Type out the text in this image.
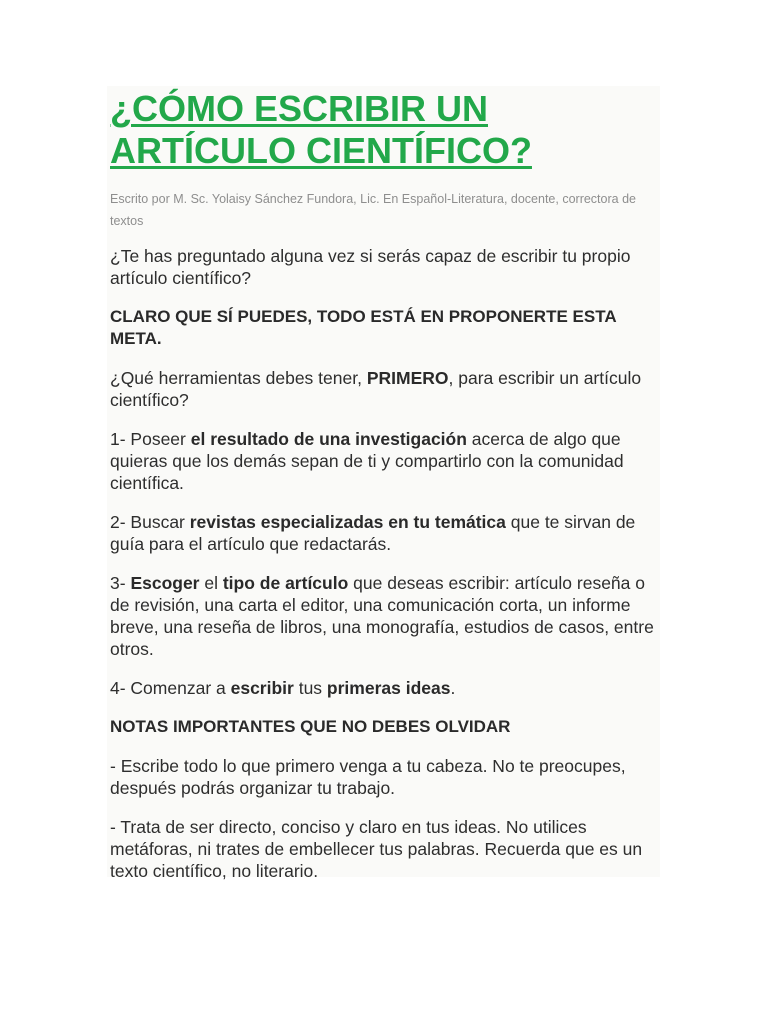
¿CÓMO ESCRIBIR UN ARTÍCULO CIENTÍFICO?

Escrito por M. Sc. Yolaisy Sánchez Fundora, Lic. En Español-Literatura, docente, correctora de textos

¿Te has preguntado alguna vez si serás capaz de escribir tu propio artículo científico?

CLARO QUE SÍ PUEDES, TODO ESTÁ EN PROPONERTE ESTA META.

¿Qué herramientas debes tener, PRIMERO, para escribir un artículo científico?

1- Poseer el resultado de una investigación acerca de algo que quieras que los demás sepan de ti y compartirlo con la comunidad científica.

2- Buscar revistas especializadas en tu temática que te sirvan de guía para el artículo que redactarás.

3- Escoger el tipo de artículo que deseas escribir: artículo reseña o de revisión, una carta el editor, una comunicación corta, un informe breve, una reseña de libros, una monografía, estudios de casos, entre otros.

4- Comenzar a escribir tus primeras ideas.

NOTAS IMPORTANTES QUE NO DEBES OLVIDAR

- Escribe todo lo que primero venga a tu cabeza. No te preocupes, después podrás organizar tu trabajo.

- Trata de ser directo, conciso y claro en tus ideas. No utilices metáforas, ni trates de embellecer tus palabras. Recuerda que es un texto científico, no literario.
